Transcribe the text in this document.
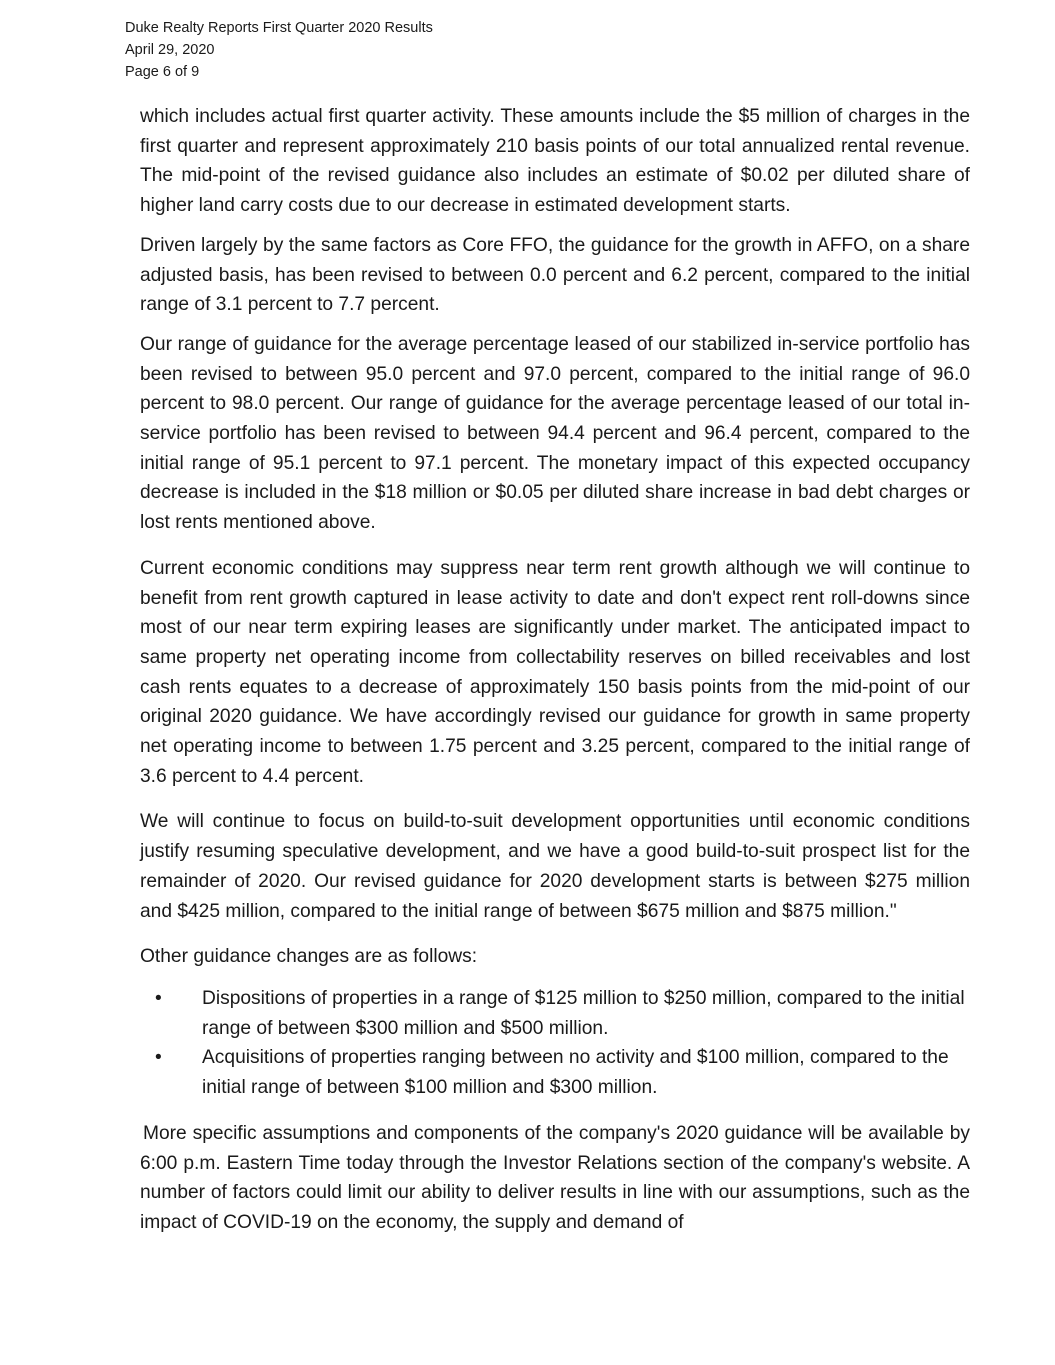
Duke Realty Reports First Quarter 2020 Results
April 29, 2020
Page 6 of 9

which includes actual first quarter activity. These amounts include the $5 million of charges in the first quarter and represent approximately 210 basis points of our total annualized rental revenue. The mid-point of the revised guidance also includes an estimate of $0.02 per diluted share of higher land carry costs due to our decrease in estimated development starts.

Driven largely by the same factors as Core FFO, the guidance for the growth in AFFO, on a share adjusted basis, has been revised to between 0.0 percent and 6.2 percent, compared to the initial range of 3.1 percent to 7.7 percent.

Our range of guidance for the average percentage leased of our stabilized in-service portfolio has been revised to between 95.0 percent and 97.0 percent, compared to the initial range of 96.0 percent to 98.0 percent. Our range of guidance for the average percentage leased of our total in-service portfolio has been revised to between 94.4 percent and 96.4 percent, compared to the initial range of 95.1 percent to 97.1 percent. The monetary impact of this expected occupancy decrease is included in the $18 million or $0.05 per diluted share increase in bad debt charges or lost rents mentioned above.

Current economic conditions may suppress near term rent growth although we will continue to benefit from rent growth captured in lease activity to date and don't expect rent roll-downs since most of our near term expiring leases are significantly under market. The anticipated impact to same property net operating income from collectability reserves on billed receivables and lost cash rents equates to a decrease of approximately 150 basis points from the mid-point of our original 2020 guidance. We have accordingly revised our guidance for growth in same property net operating income to between 1.75 percent and 3.25 percent, compared to the initial range of 3.6 percent to 4.4 percent.

We will continue to focus on build-to-suit development opportunities until economic conditions justify resuming speculative development, and we have a good build-to-suit prospect list for the remainder of 2020. Our revised guidance for 2020 development starts is between $275 million and $425 million, compared to the initial range of between $675 million and $875 million."

Other guidance changes are as follows:

• Dispositions of properties in a range of $125 million to $250 million, compared to the initial range of between $300 million and $500 million.
• Acquisitions of properties ranging between no activity and $100 million, compared to the initial range of between $100 million and $300 million.

More specific assumptions and components of the company's 2020 guidance will be available by 6:00 p.m. Eastern Time today through the Investor Relations section of the company's website. A number of factors could limit our ability to deliver results in line with our assumptions, such as the impact of COVID-19 on the economy, the supply and demand of
